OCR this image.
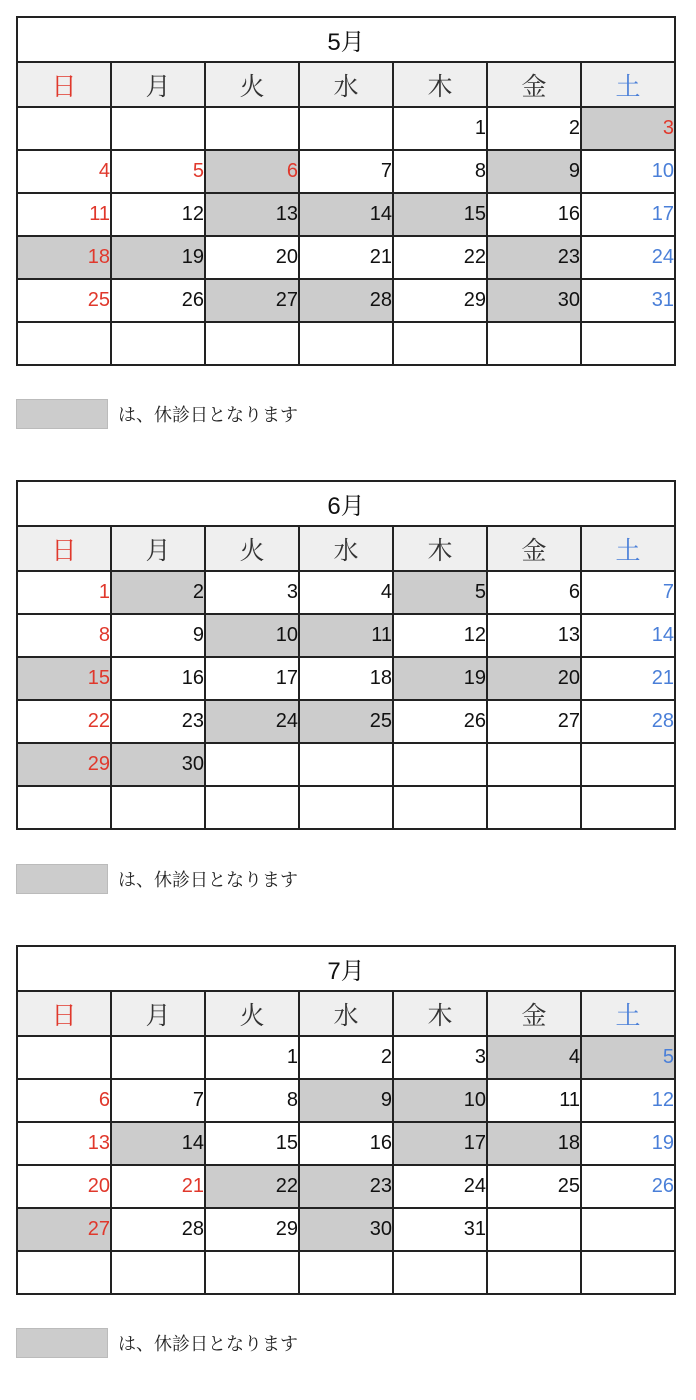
5月						
日	月	火	水	木	金	土
				1	2	3
4	5	6	7	8	9	10
11	12	13	14	15	16	17
18	19	20	21	22	23	24
25	26	27	28	29	30	31

は、休診日となります
6月						
日	月	火	水	木	金	土
1	2	3	4	5	6	7
8	9	10	11	12	13	14
15	16	17	18	19	20	21
22	23	24	25	26	27	28
29	30					

は、休診日となります
7月						
日	月	火	水	木	金	土
		1	2	3	4	5
6	7	8	9	10	11	12
13	14	15	16	17	18	19
20	21	22	23	24	25	26
27	28	29	30	31		

は、休診日となります
